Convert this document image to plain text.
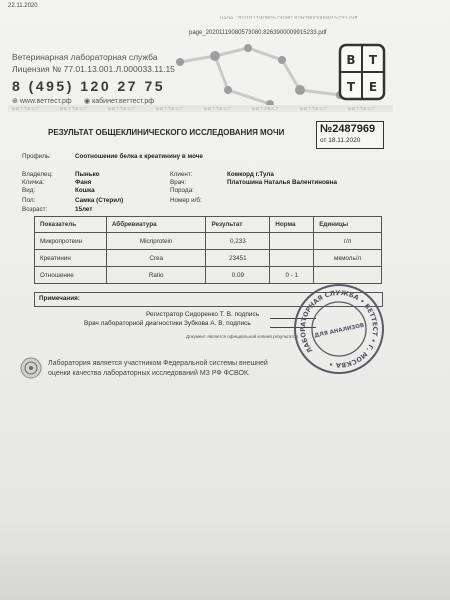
22.11.2020
page_20201119080573080.8263900009915233.pdf
Ветеринарная лабораторная служба
Лицензия № 77.01.13.001.Л.000033.11.15
8 (495) 120 27 75
⊕ www.веттест.рф ◉ кабинет.веттест.рф
В Т
Т Е
ВЕТТЕСТ	ВЕТТЕСТ	ВЕТТЕСТ	ВЕТТЕСТ	ВЕТТЕСТ	ВЕТТЕСТ	ВЕТТЕСТ	ВЕТТЕСТ
РЕЗУЛЬТАТ ОБЩЕКЛИНИЧЕСКОГО ИССЛЕДОВАНИЯ МОЧИ	№2487969
от 18.11.2020
Профиль:	Соотношение белка к креатинину в моче
Владелец:	Пынько
Кличка:	Фаня
Вид:	Кошка
Пол:	Самка (Стерил)
Возраст:	15лет
Клиент:	Комкорд г.Тула
Врач:	Платошина Наталья Валентиновна
Порода:
Номер и/б:
Показатель	Аббревиатура	Результат	Норма	Единицы
Микропротеин	Micriprotein	0,233		г/л
Креатинин	Crea	23451		мкмоль/л
Отношение	Ratio	0.09	0 - 1	
Примечания:
Регистратор Сидоренко Т. В. подпись
Врач лабораторной диагностики Зубкова А. В. подпись
Документ является официальной копией результатов
ЛАБОРАТОРНАЯ СЛУЖБА • ВЕТТЕСТ • Г. МОСКВА •
ДЛЯ АНАЛИЗОВ
Лаборатория является участником Федеральной системы внешней
оценки качества лабораторных исследований МЗ РФ ФСВОК.
